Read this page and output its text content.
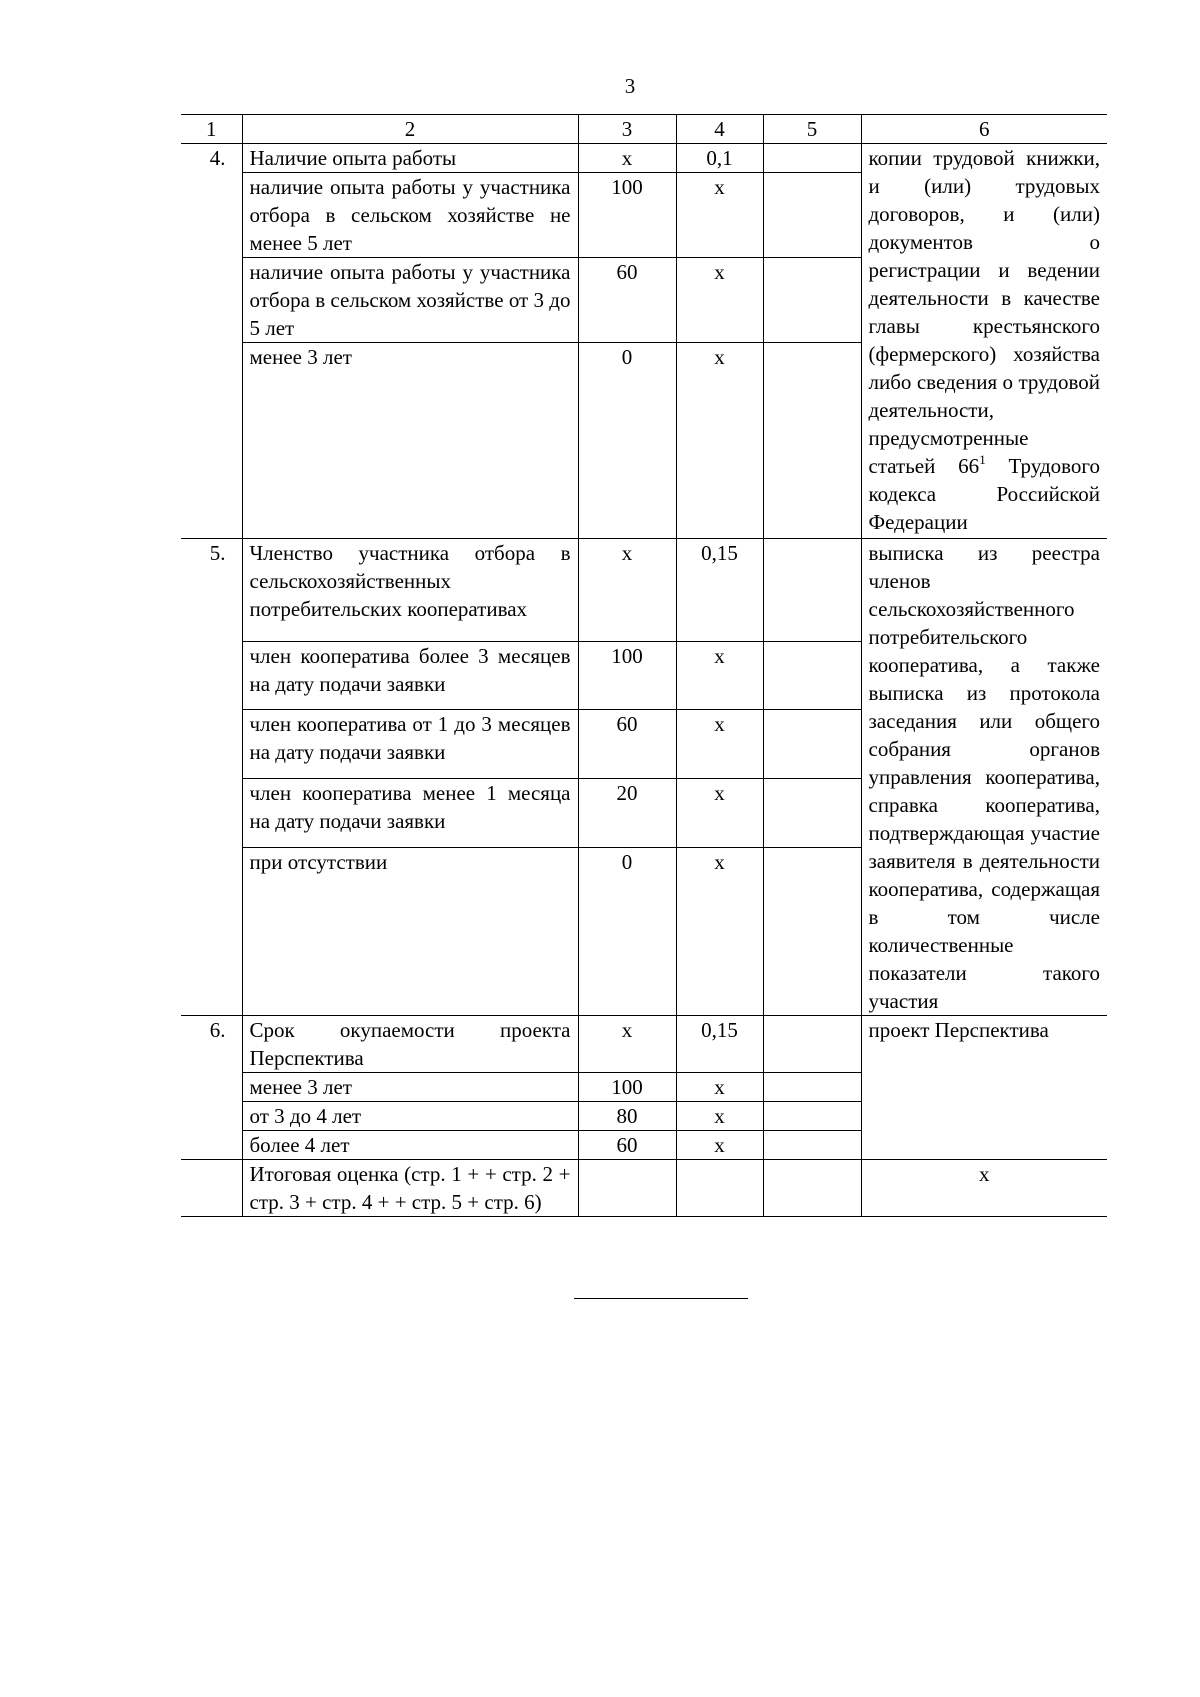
3
1	2	3	4	5	6
4.	Наличие опыта работы	х	0,1		копии трудовой книжки, и (или) трудовых договоров, и (или) документов о регистрации и ведении деятельности в качестве главы крестьянского (фермерского) хозяйства либо сведения о трудовой деятельности, предусмотренные статьей $66^1$ Трудового кодекса Российской Федерации
	наличие опыта работы у участника отбора в сельском хозяйстве не менее 5 лет	100	х		
	наличие опыта работы у участника отбора в сельском хозяйстве от 3 до 5 лет	60	х		
	менее 3 лет	0	х		
5.	Членство участника отбора в сельскохозяйственных потребительских кооперативах	х	0,15		выписка из реестра членов сельскохозяйственного потребительского кооператива, а также выписка из протокола заседания или общего собрания органов управления кооператива, справка кооператива, подтверждающая участие заявителя в деятельности кооператива, содержащая в том числе количественные показатели такого участия
	член кооператива более 3 месяцев на дату подачи заявки	100	х		
	член кооператива от 1 до 3 месяцев на дату подачи заявки	60	х		
	член кооператива менее 1 месяца на дату подачи заявки	20	х		
	при отсутствии	0	х		
6.	Срок окупаемости проекта Перспектива	х	0,15		проект Перспектива
	менее 3 лет	100	х		
	от 3 до 4 лет	80	х		
	более 4 лет	60	х		
	Итоговая оценка (стр. 1 + + стр. 2 + стр. 3 + стр. 4 + + стр. 5 + стр. 6)				х
